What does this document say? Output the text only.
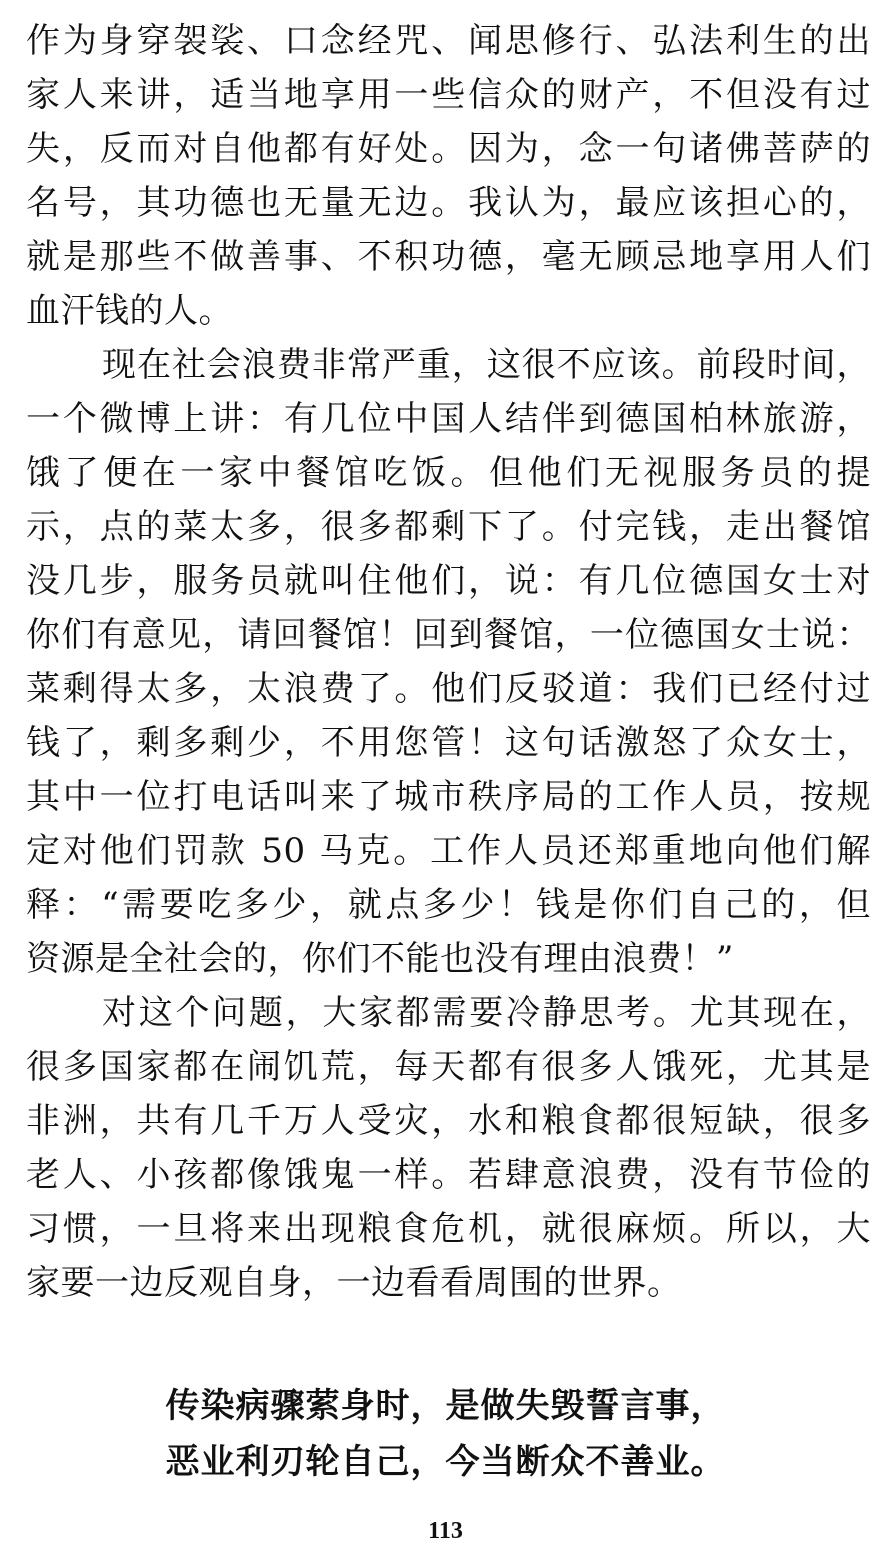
作为身穿袈裟、口念经咒、闻思修行、弘法利生的出
家人来讲，适当地享用一些信众的财产，不但没有过
失，反而对自他都有好处。因为，念一句诸佛菩萨的
名号，其功德也无量无边。我认为，最应该担心的，
就是那些不做善事、不积功德，毫无顾忌地享用人们
血汗钱的人。
现在社会浪费非常严重，这很不应该。前段时间，
一个微博上讲：有几位中国人结伴到德国柏林旅游，
饿了便在一家中餐馆吃饭。但他们无视服务员的提
示，点的菜太多，很多都剩下了。付完钱，走出餐馆
没几步，服务员就叫住他们，说：有几位德国女士对
你们有意见，请回餐馆！回到餐馆，一位德国女士说：
菜剩得太多，太浪费了。他们反驳道：我们已经付过
钱了，剩多剩少，不用您管！这句话激怒了众女士，
其中一位打电话叫来了城市秩序局的工作人员，按规
定对他们罚款 50 马克。工作人员还郑重地向他们解
释：“需要吃多少，就点多少！钱是你们自己的，但
资源是全社会的，你们不能也没有理由浪费！”
对这个问题，大家都需要冷静思考。尤其现在，
很多国家都在闹饥荒，每天都有很多人饿死，尤其是
非洲，共有几千万人受灾，水和粮食都很短缺，很多
老人、小孩都像饿鬼一样。若肆意浪费，没有节俭的
习惯，一旦将来出现粮食危机，就很麻烦。所以，大
家要一边反观自身，一边看看周围的世界。
传染病骤萦身时，是做失毁誓言事，
恶业利刃轮自己，今当断众不善业。
113
